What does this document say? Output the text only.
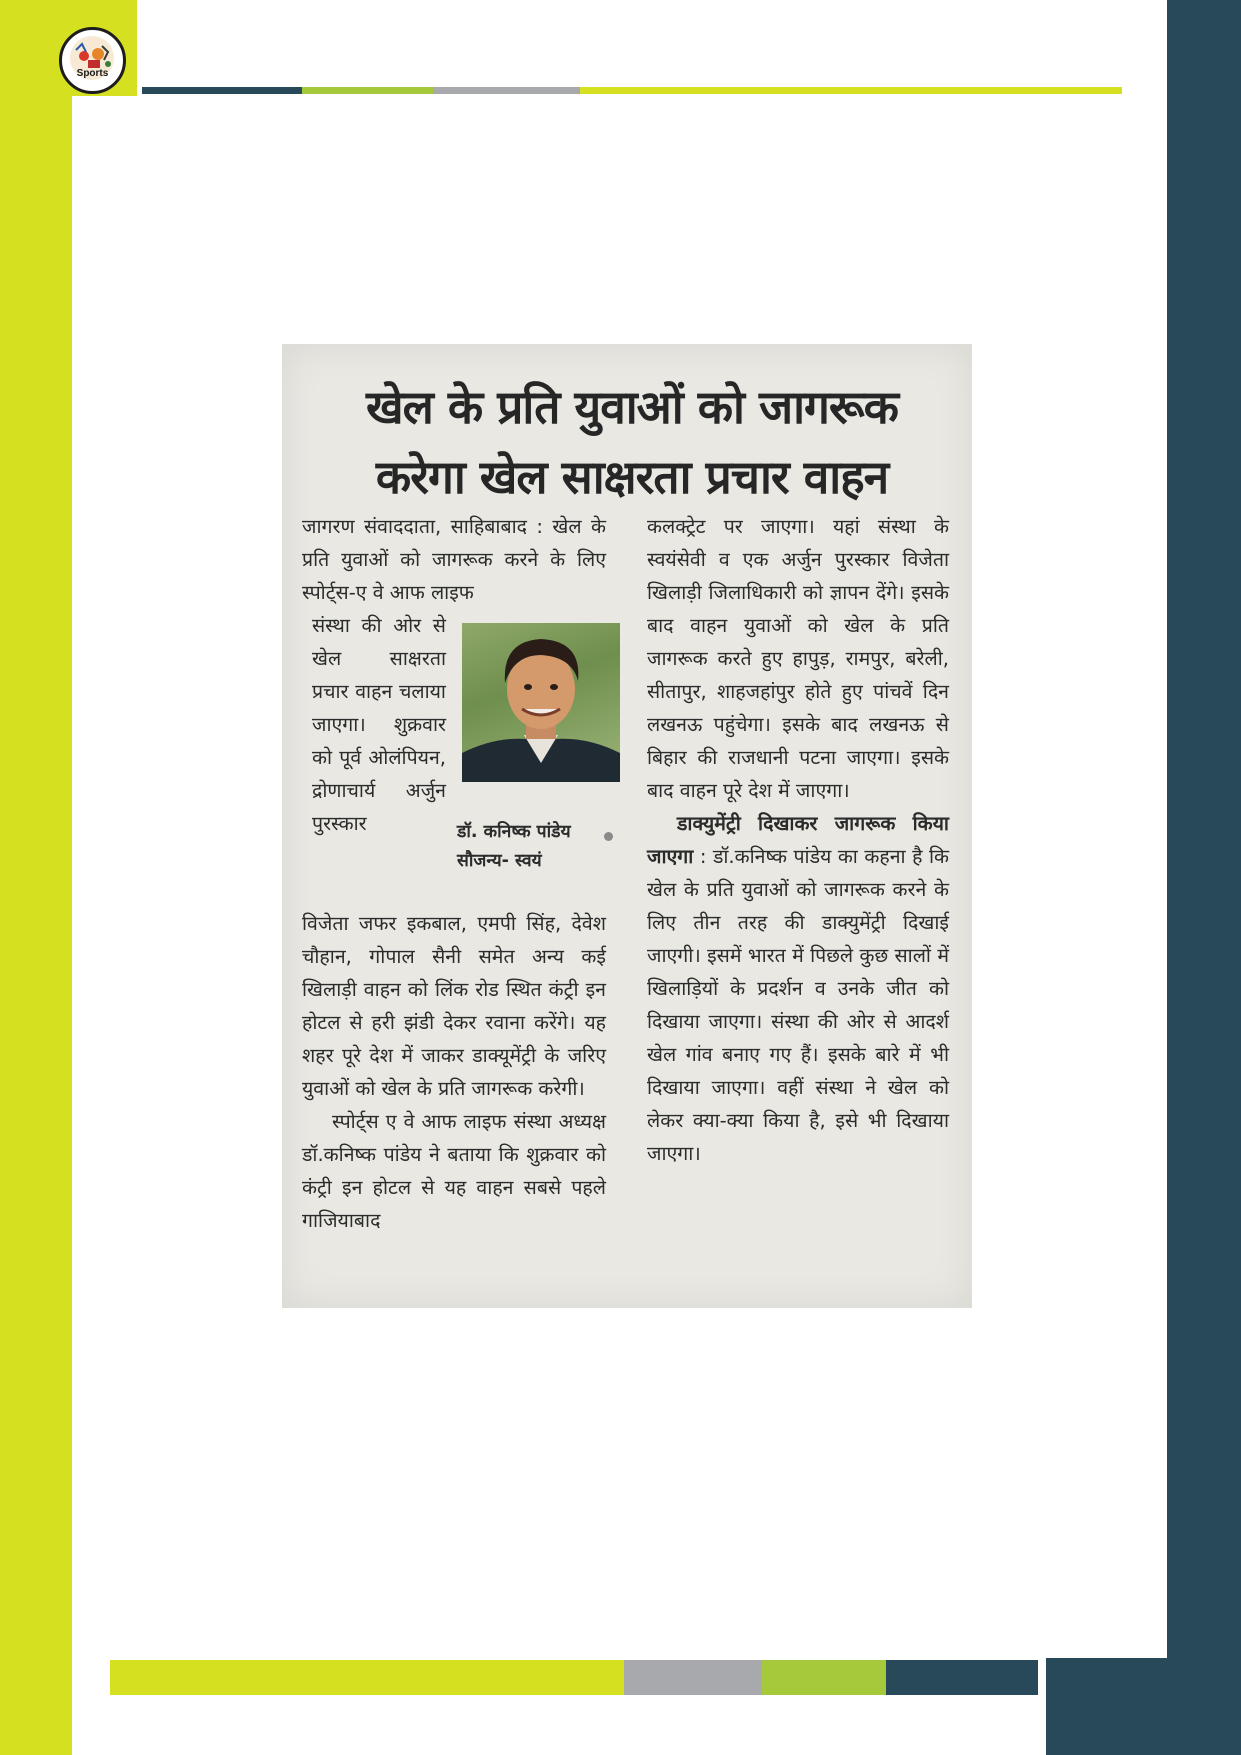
Sports
खेल के प्रति युवाओं को जागरूक
करेगा खेल साक्षरता प्रचार वाहन

जागरण संवाददाता, साहिबाबाद : खेल के प्रति युवाओं को जागरूक करने के लिए स्पोर्ट्स-ए वे आफ लाइफ

संस्था की ओर से खेल साक्षरता प्रचार वाहन चलाया जाएगा। शुक्रवार को पूर्व ओलंपियन, द्रोणाचार्य अर्जुन पुरस्कार	डॉ. कनिष्क पांडेय
सौजन्य- स्वयं

विजेता जफर इकबाल, एमपी सिंह, देवेश चौहान, गोपाल सैनी समेत अन्य कई खिलाड़ी वाहन को लिंक रोड स्थित कंट्री इन होटल से हरी झंडी देकर रवाना करेंगे। यह शहर पूरे देश में जाकर डाक्यूमेंट्री के जरिए युवाओं को खेल के प्रति जागरूक करेगी।

स्पोर्ट्स ए वे आफ लाइफ संस्था अध्यक्ष डॉ.कनिष्क पांडेय ने बताया कि शुक्रवार को कंट्री इन होटल से यह वाहन सबसे पहले गाजियाबाद

कलक्ट्रेट पर जाएगा। यहां संस्था के स्वयंसेवी व एक अर्जुन पुरस्कार विजेता खिलाड़ी जिलाधिकारी को ज्ञापन देंगे। इसके बाद वाहन युवाओं को खेल के प्रति जागरूक करते हुए हापुड़, रामपुर, बरेली, सीतापुर, शाहजहांपुर होते हुए पांचवें दिन लखनऊ पहुंचेगा। इसके बाद लखनऊ से बिहार की राजधानी पटना जाएगा। इसके बाद वाहन पूरे देश में जाएगा।

डाक्युमेंट्री दिखाकर जागरूक किया जाएगा : डॉ.कनिष्क पांडेय का कहना है कि खेल के प्रति युवाओं को जागरूक करने के लिए तीन तरह की डाक्युमेंट्री दिखाई जाएगी। इसमें भारत में पिछले कुछ सालों में खिलाड़ियों के प्रदर्शन व उनके जीत को दिखाया जाएगा। संस्था की ओर से आदर्श खेल गांव बनाए गए हैं। इसके बारे में भी दिखाया जाएगा। वहीं संस्था ने खेल को लेकर क्या-क्या किया है, इसे भी दिखाया जाएगा।
